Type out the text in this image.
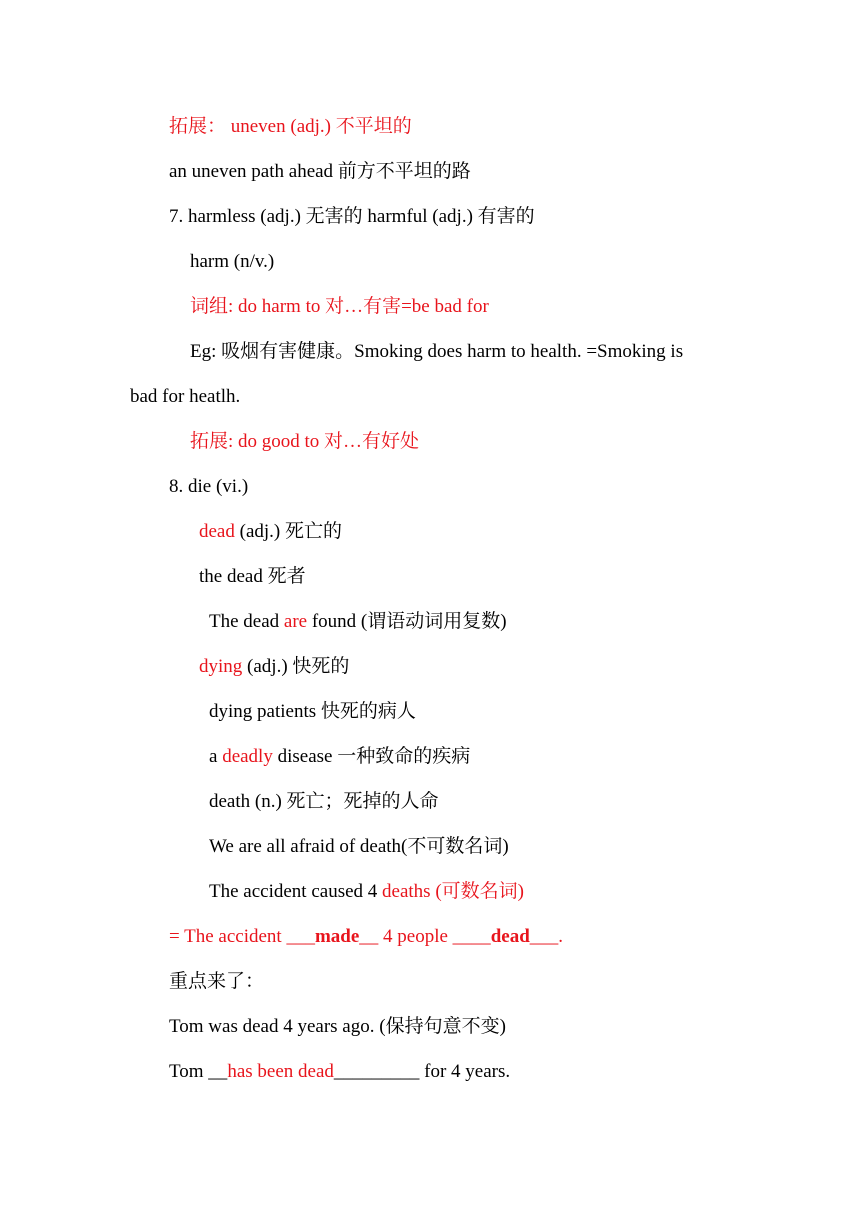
拓展： uneven (adj.) 不平坦的
an uneven path ahead 前方不平坦的路
7. harmless (adj.) 无害的 harmful (adj.) 有害的
harm (n/v.)
词组: do harm to 对…有害=be bad for
Eg: 吸烟有害健康。Smoking does harm to health. =Smoking is
bad for heatlh.
拓展: do good to 对…有好处
8. die (vi.)
dead (adj.) 死亡的
the dead 死者
The dead are found (谓语动词用复数)
dying (adj.) 快死的
dying patients 快死的病人
a deadly disease 一种致命的疾病
death (n.) 死亡；死掉的人命
We are all afraid of death(不可数名词)
The accident caused 4 deaths (可数名词)
= The accident ___made__ 4 people ____dead___.
重点来了：
Tom was dead 4 years ago. (保持句意不变)
Tom __has been dead_________ for 4 years.
